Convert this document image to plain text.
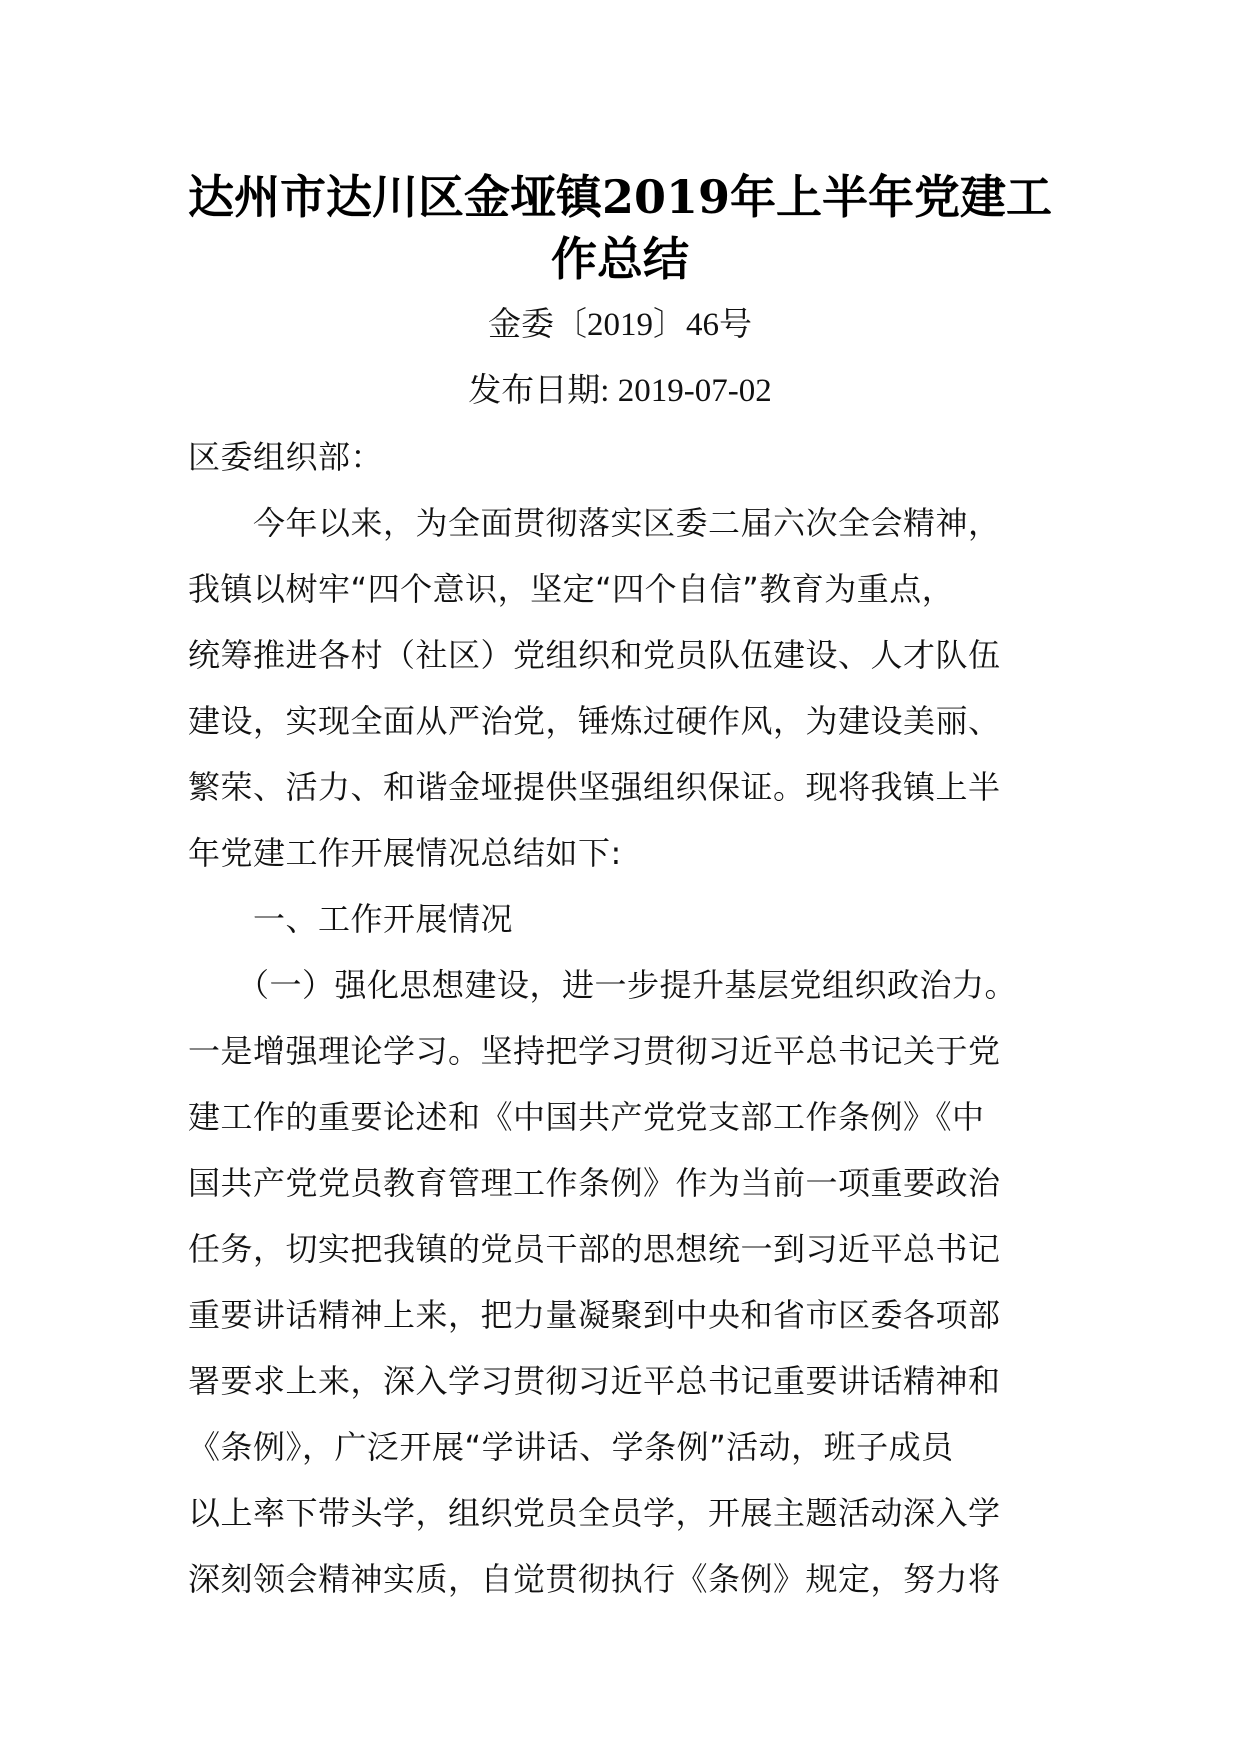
达州市达川区金垭镇2019年上半年党建工
作总结
金委〔2019〕46号
发布日期: 2019-07-02
区委组织部：
　　今年以来，为全面贯彻落实区委二届六次全会精神，
我镇以树牢“四个意识，坚定“四个自信”教育为重点，
统筹推进各村（社区）党组织和党员队伍建设、人才队伍
建设，实现全面从严治党，锤炼过硬作风，为建设美丽、
繁荣、活力、和谐金垭提供坚强组织保证。现将我镇上半
年党建工作开展情况总结如下:
　　一、工作开展情况
　　（一）强化思想建设，进一步提升基层党组织政治力。
一是增强理论学习。坚持把学习贯彻习近平总书记关于党
建工作的重要论述和《中国共产党党支部工作条例》《中
国共产党党员教育管理工作条例》作为当前一项重要政治
任务，切实把我镇的党员干部的思想统一到习近平总书记
重要讲话精神上来，把力量凝聚到中央和省市区委各项部
署要求上来，深入学习贯彻习近平总书记重要讲话精神和
《条例》，广泛开展“学讲话、学条例”活动，班子成员
以上率下带头学，组织党员全员学，开展主题活动深入学
深刻领会精神实质，自觉贯彻执行《条例》规定，努力将
